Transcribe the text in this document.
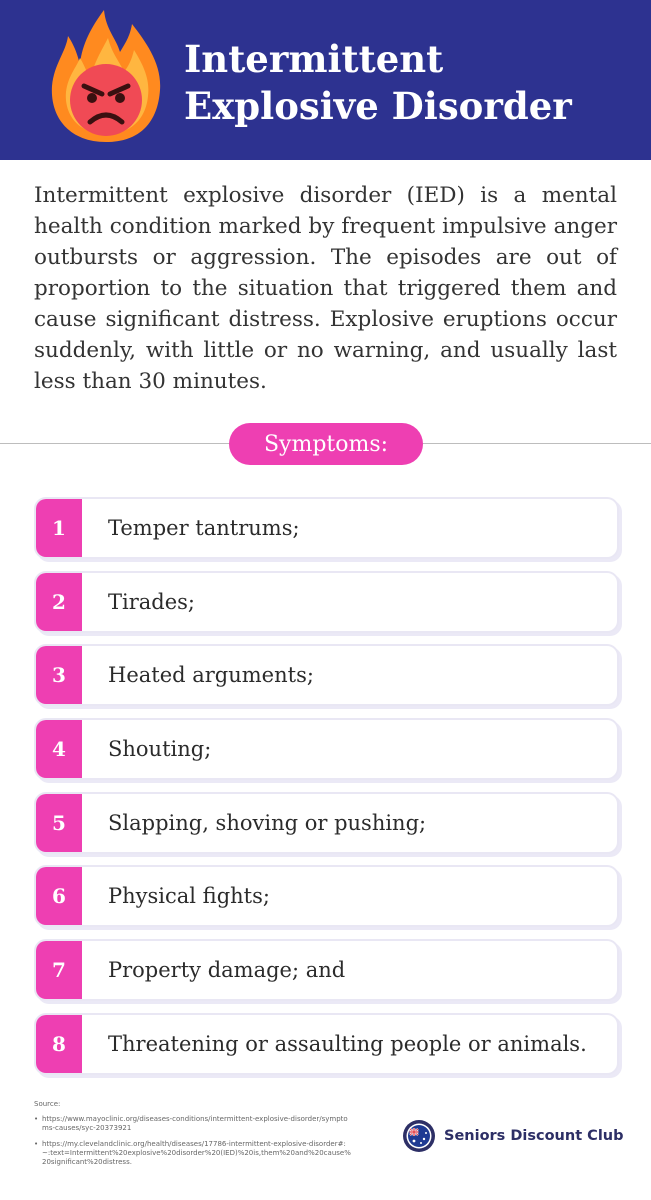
Intermittent
Explosive Disorder

Intermittent explosive disorder (IED) is a mental health condition marked by frequent impulsive anger outbursts or aggression. The episodes are out of proportion to the situation that triggered them and cause significant distress. Explosive eruptions occur suddenly, with little or no warning, and usually last less than 30 minutes.

Symptoms:
1	Temper tantrums;
2	Tirades;
3	Heated arguments;
4	Shouting;
5	Slapping, shoving or pushing;
6	Physical fights;
7	Property damage; and
8	Threatening or assaulting people or animals.
Source:
• https://www.mayoclinic.org/diseases-conditions/intermittent-explosive-disorder/symptoms-causes/syc-20373921
• https://my.clevelandclinic.org/health/diseases/17786-intermittent-explosive-disorder#:~:text=Intermittent%20explosive%20disorder%20(IED)%20is,them%20and%20cause%20significant%20distress.
Seniors Discount Club
